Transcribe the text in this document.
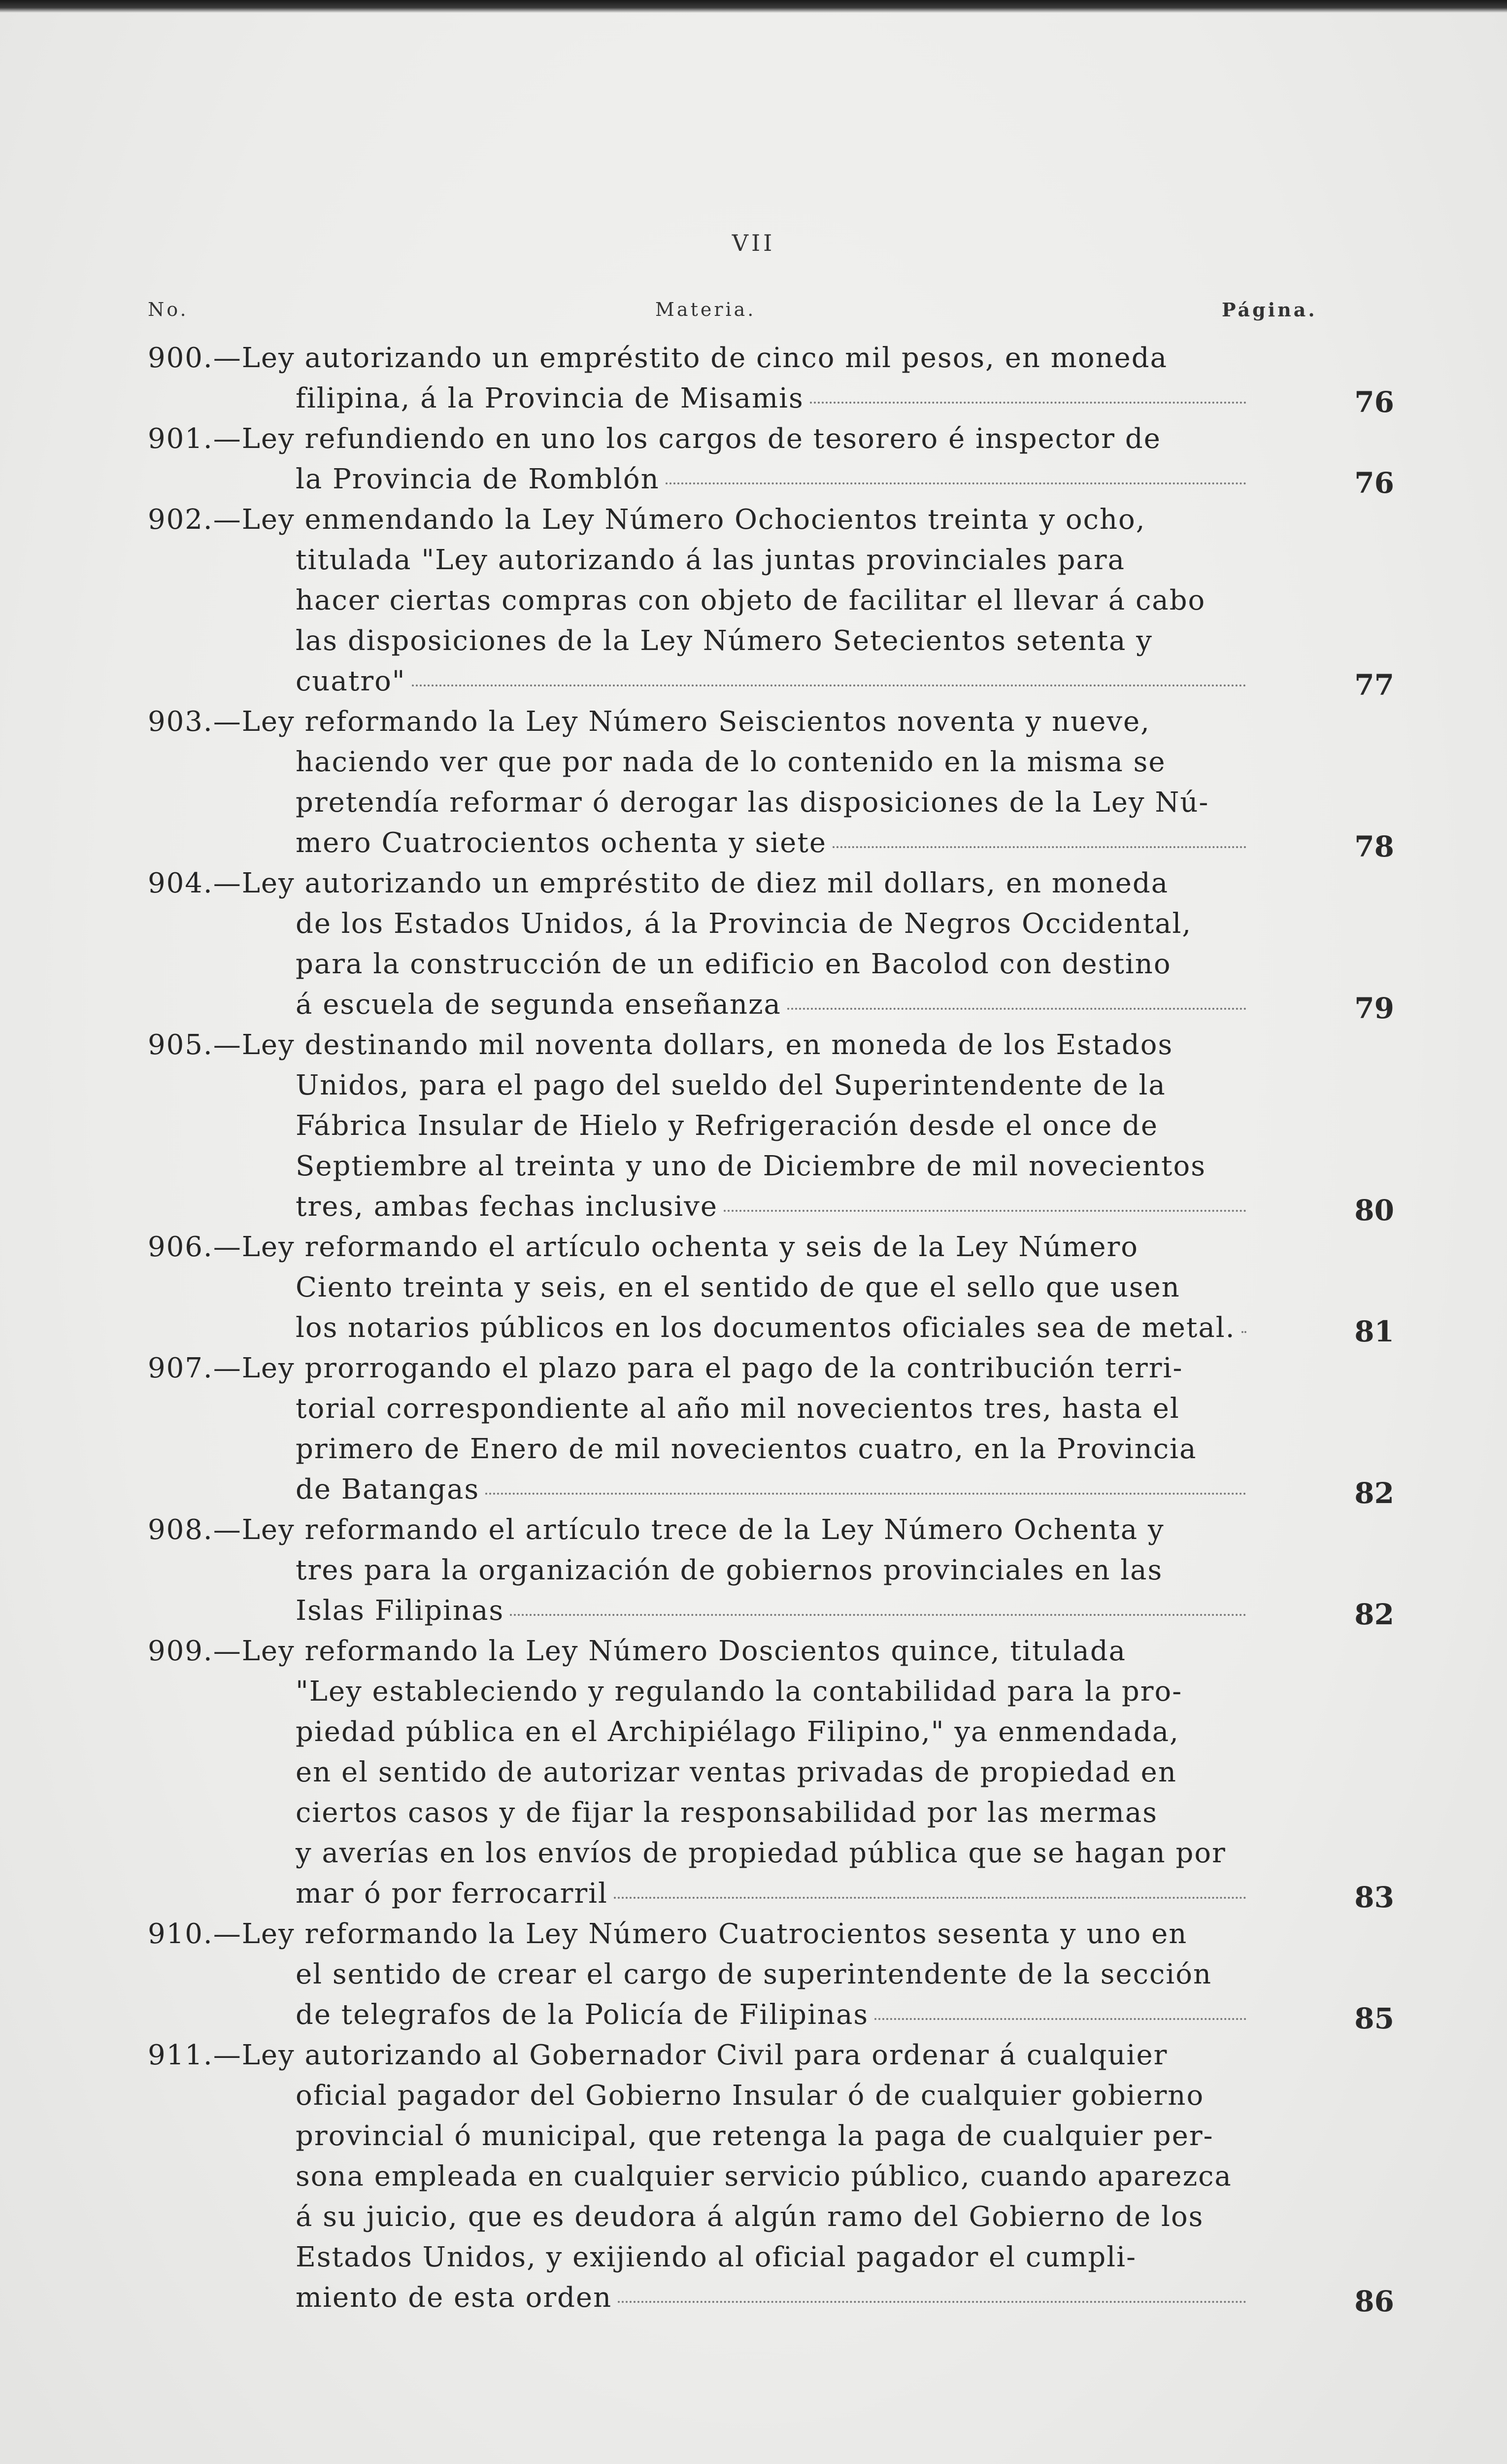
VII
No.	Materia.	Página.
900.—Ley autorizando un empréstito de cinco mil pesos, en moneda
filipina, á la Provincia de Misamis	76
901.—Ley refundiendo en uno los cargos de tesorero é inspector de
la Provincia de Romblón	76
902.—Ley enmendando la Ley Número Ochocientos treinta y ocho,
titulada "Ley autorizando á las juntas provinciales para
hacer ciertas compras con objeto de facilitar el llevar á cabo
las disposiciones de la Ley Número Setecientos setenta y
cuatro"	77
903.—Ley reformando la Ley Número Seiscientos noventa y nueve,
haciendo ver que por nada de lo contenido en la misma se
pretendía reformar ó derogar las disposiciones de la Ley Nú-
mero Cuatrocientos ochenta y siete	78
904.—Ley autorizando un empréstito de diez mil dollars, en moneda
de los Estados Unidos, á la Provincia de Negros Occidental,
para la construcción de un edificio en Bacolod con destino
á escuela de segunda enseñanza	79
905.—Ley destinando mil noventa dollars, en moneda de los Estados
Unidos, para el pago del sueldo del Superintendente de la
Fábrica Insular de Hielo y Refrigeración desde el once de
Septiembre al treinta y uno de Diciembre de mil novecientos
tres, ambas fechas inclusive	80
906.—Ley reformando el artículo ochenta y seis de la Ley Número
Ciento treinta y seis, en el sentido de que el sello que usen
los notarios públicos en los documentos oficiales sea de metal.	81
907.—Ley prorrogando el plazo para el pago de la contribución terri-
torial correspondiente al año mil novecientos tres, hasta el
primero de Enero de mil novecientos cuatro, en la Provincia
de Batangas	82
908.—Ley reformando el artículo trece de la Ley Número Ochenta y
tres para la organización de gobiernos provinciales en las
Islas Filipinas	82
909.—Ley reformando la Ley Número Doscientos quince, titulada
"Ley estableciendo y regulando la contabilidad para la pro-
piedad pública en el Archipiélago Filipino," ya enmendada,
en el sentido de autorizar ventas privadas de propiedad en
ciertos casos y de fijar la responsabilidad por las mermas
y averías en los envíos de propiedad pública que se hagan por
mar ó por ferrocarril	83
910.—Ley reformando la Ley Número Cuatrocientos sesenta y uno en
el sentido de crear el cargo de superintendente de la sección
de telegrafos de la Policía de Filipinas	85
911.—Ley autorizando al Gobernador Civil para ordenar á cualquier
oficial pagador del Gobierno Insular ó de cualquier gobierno
provincial ó municipal, que retenga la paga de cualquier per-
sona empleada en cualquier servicio público, cuando aparezca
á su juicio, que es deudora á algún ramo del Gobierno de los
Estados Unidos, y exijiendo al oficial pagador el cumpli-
miento de esta orden	86
